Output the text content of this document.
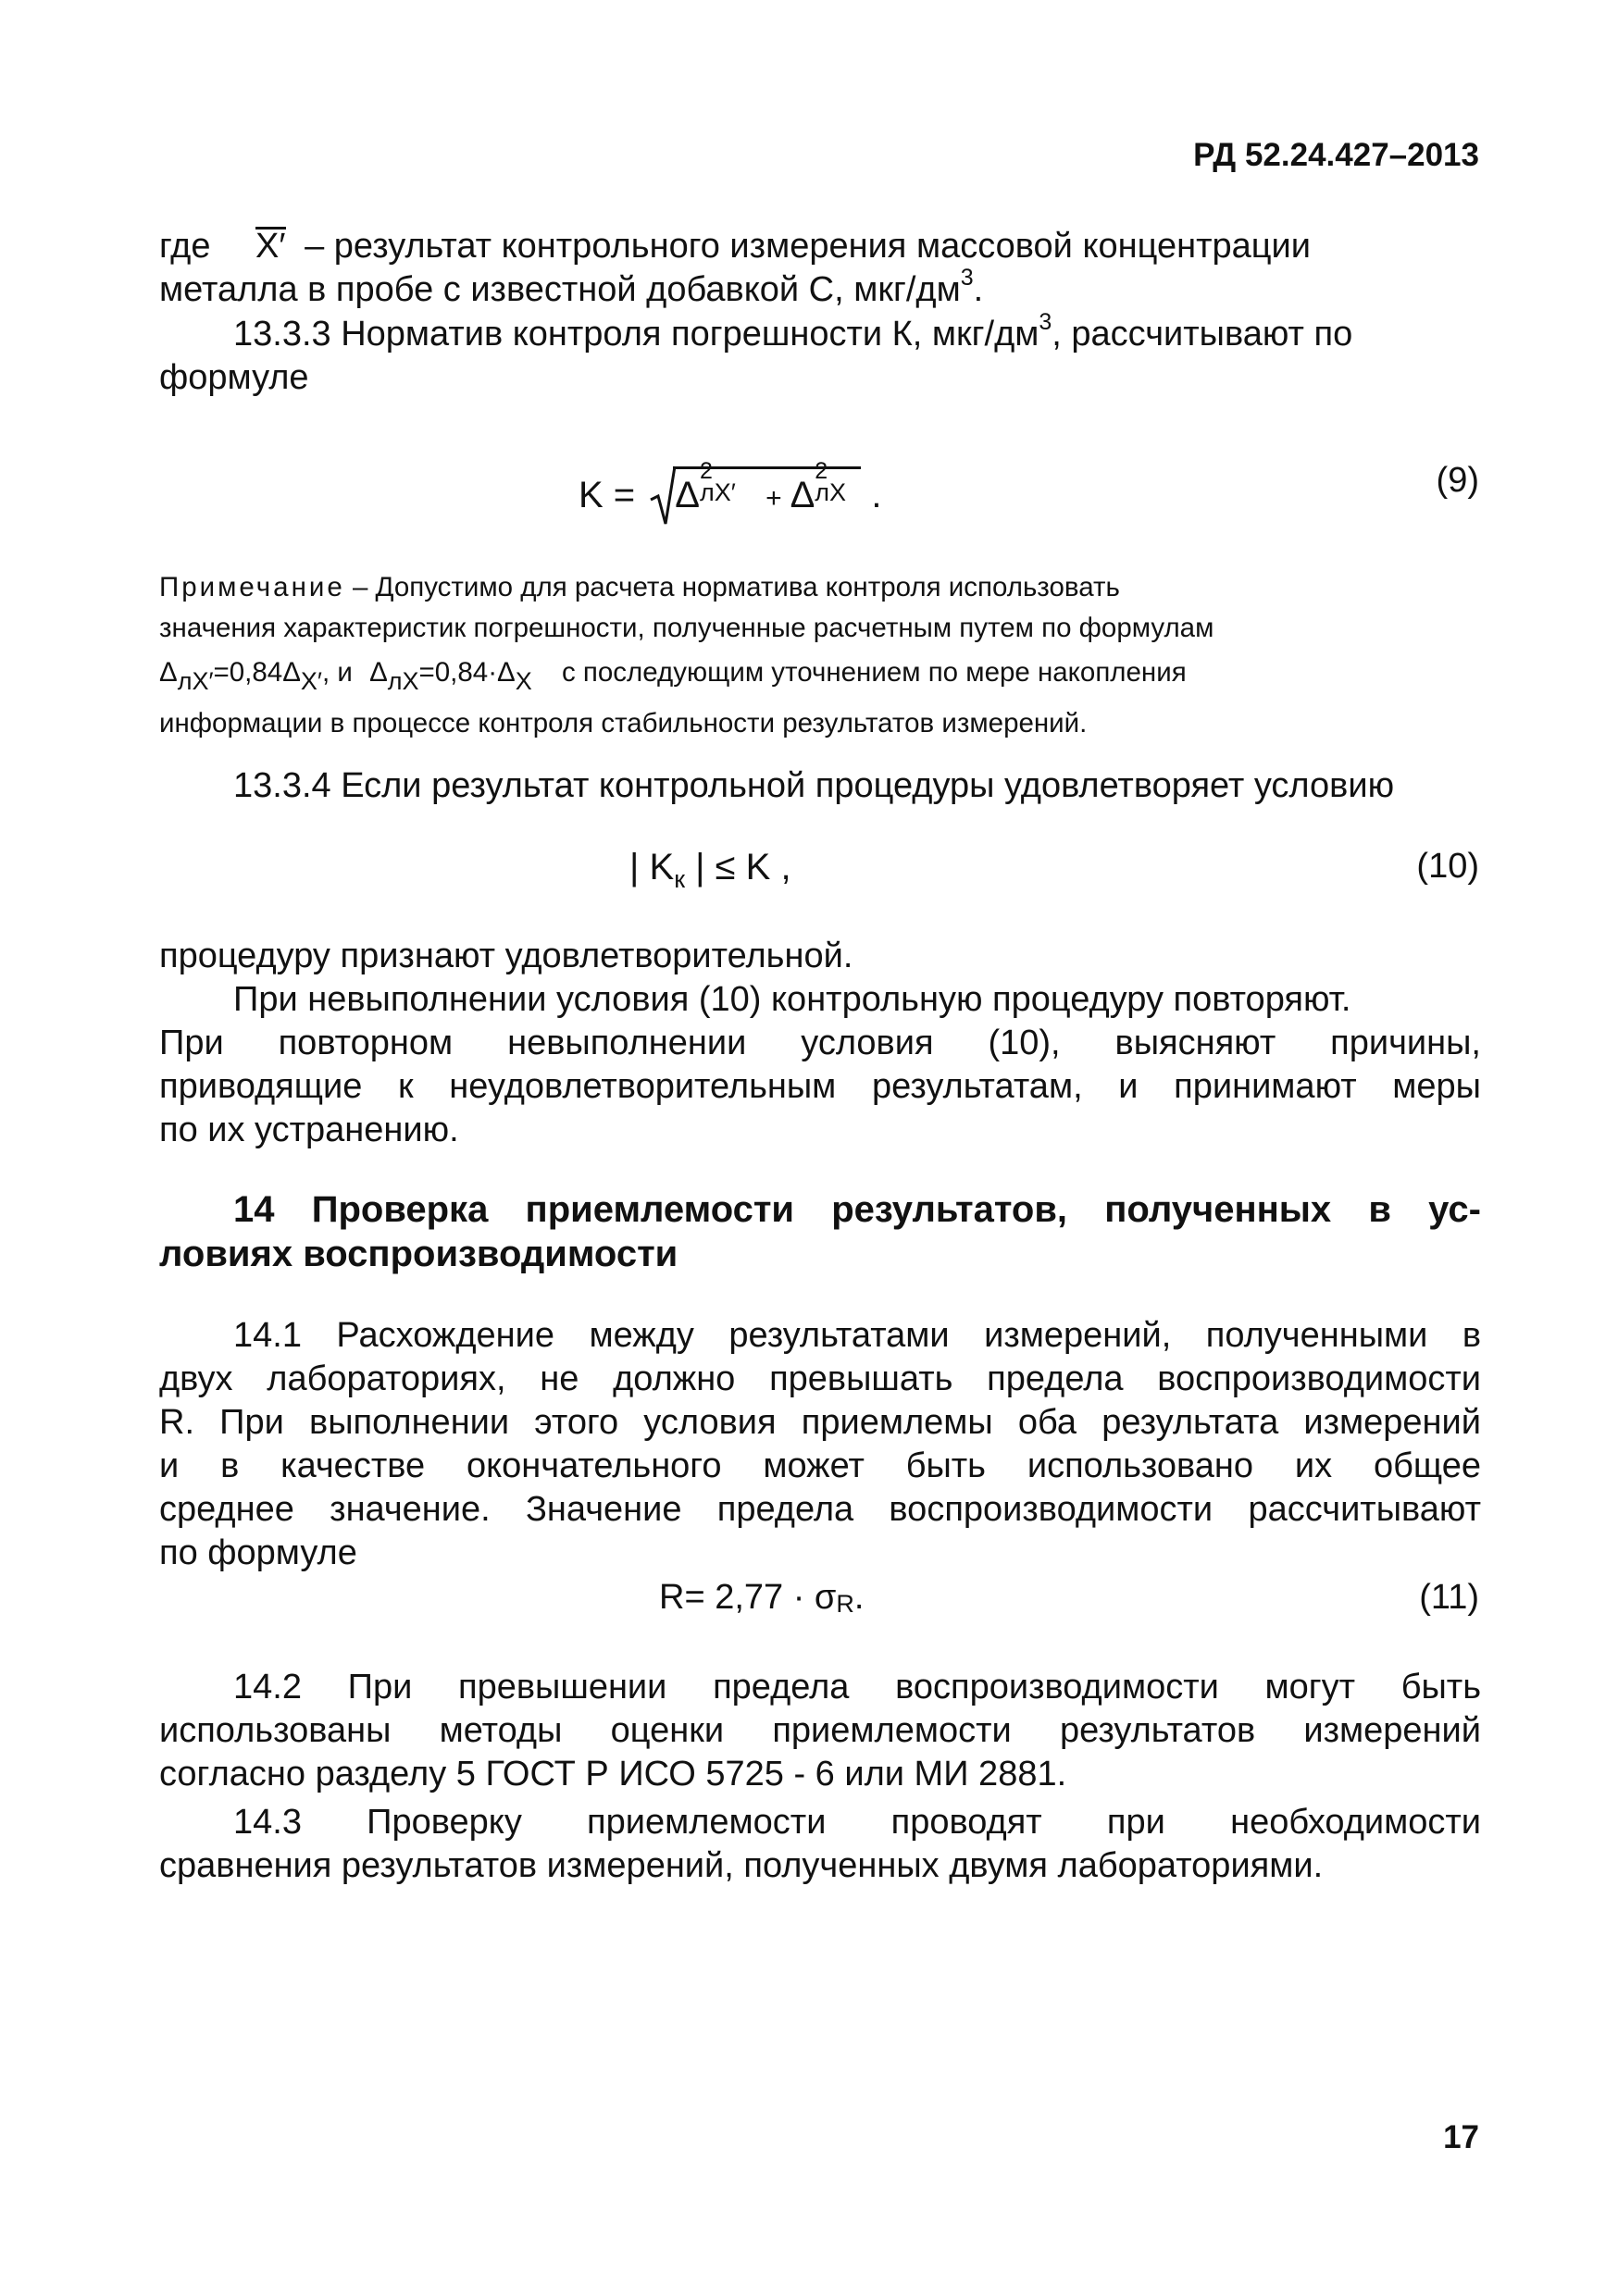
РД 52.24.427–2013
где X′ – результат контрольного измерения массовой концентрации
металла в пробе с известной добавкой С, мкг/$дм^3$.
13.3.3 Норматив контроля погрешности К, мкг/$дм^3$, рассчитывают по
формуле
K = Δ
2
лX′ + Δ
2
лX .	(9)
Примечание – Допустимо для расчета норматива контроля использовать
значения характеристик погрешности, полученные расчетным путем по формулам
ΔлX′=0,84ΔX′, и ΔлX=0,84·ΔX с последующим уточнением по мере накопления
информации в процессе контроля стабильности результатов измерений.
13.3.4 Если результат контрольной процедуры удовлетворяет условию
| $K_к$ | ≤ K ,	(10)
процедуру признают удовлетворительной.
При невыполнении условия (10) контрольную процедуру повторяют.
При повторном невыполнении условия (10), выясняют причины,
приводящие к неудовлетворительным результатам, и принимают меры
по их устранению.
14 Проверка приемлемости результатов, полученных в ус-
ловиях воспроизводимости
14.1 Расхождение между результатами измерений, полученными в
двух лабораториях, не должно превышать предела воспроизводимости
R. При выполнении этого условия приемлемы оба результата измерений
и в качестве окончательного может быть использовано их общее
среднее значение. Значение предела воспроизводимости рассчитывают
по формуле
R= 2,77 · σR.	(11)
14.2 При превышении предела воспроизводимости могут быть
использованы методы оценки приемлемости результатов измерений
согласно разделу 5 ГОСТ Р ИСО 5725 - 6 или МИ 2881.
14.3 Проверку приемлемости проводят при необходимости
сравнения результатов измерений, полученных двумя лабораториями.
17
